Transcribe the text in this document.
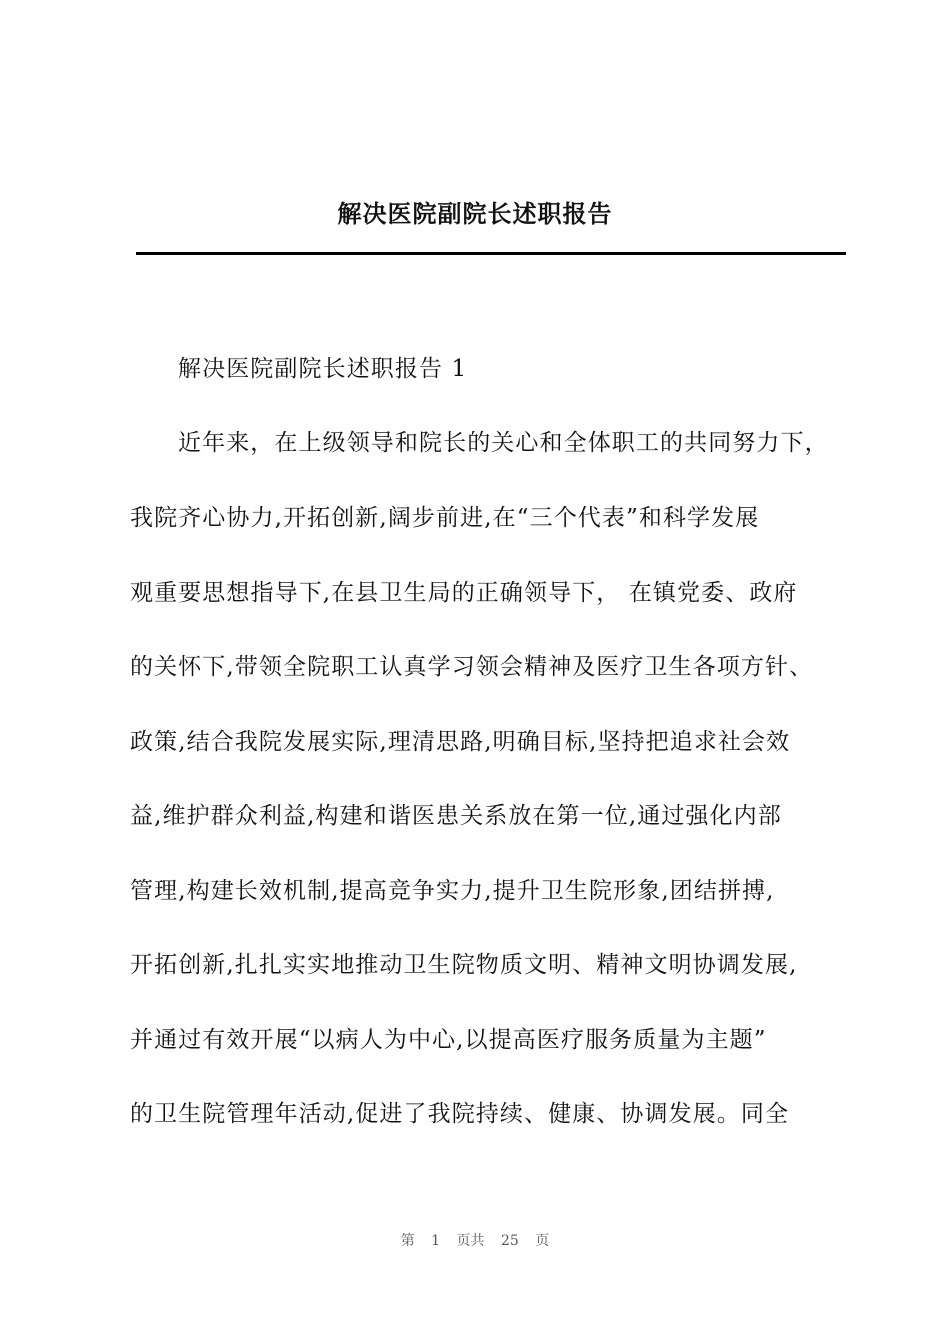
解决医院副院长述职报告
解决医院副院长述职报告 1
近年来，在上级领导和院长的关心和全体职工的共同努力下，
我院齐心协力,开拓创新,阔步前进,在“三个代表”和科学发展
观重要思想指导下,在县卫生局的正确领导下， 在镇党委、政府
的关怀下,带领全院职工认真学习领会精神及医疗卫生各项方针、
政策,结合我院发展实际,理清思路,明确目标,坚持把追求社会效
益,维护群众利益,构建和谐医患关系放在第一位,通过强化内部
管理,构建长效机制,提高竞争实力,提升卫生院形象,团结拼搏,
开拓创新,扎扎实实地推动卫生院物质文明、精神文明协调发展,
并通过有效开展“以病人为中心,以提高医疗服务质量为主题”
的卫生院管理年活动,促进了我院持续、健康、协调发展。同全
第 1 页共 25 页
